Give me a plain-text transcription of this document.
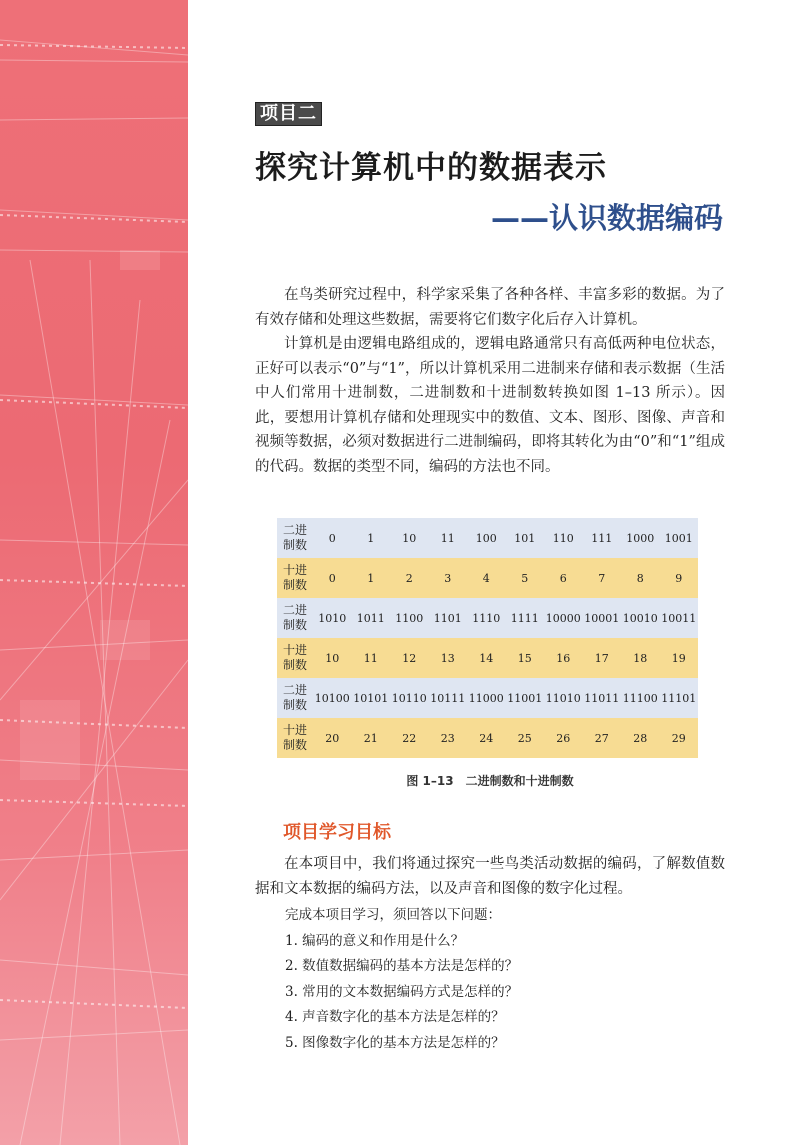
项目二
探究计算机中的数据表示
——认识数据编码

在鸟类研究过程中，科学家采集了各种各样、丰富多彩的数据。为了有效存储和处理这些数据，需要将它们数字化后存入计算机。

计算机是由逻辑电路组成的，逻辑电路通常只有高低两种电位状态，正好可以表示“0”与“1”，所以计算机采用二进制来存储和表示数据（生活中人们常用十进制数，二进制数和十进制数转换如图 1–13 所示）。因此，要想用计算机存储和处理现实中的数值、文本、图形、图像、声音和视频等数据，必须对数据进行二进制编码，即将其转化为由“0”和“1”组成的代码。数据的类型不同，编码的方法也不同。

二进
制数	0	1	10	11	100	101	110	111	1000	1001

十进
制数	0	1	2	3	4	5	6	7	8	9

二进
制数	1010	1011	1100	1101	1110	1111	10000	10001	10010	10011

十进
制数	10	11	12	13	14	15	16	17	18	19

二进
制数	10100	10101	10110	10111	11000	11001	11010	11011	11100	11101

十进
制数	20	21	22	23	24	25	26	27	28	29
图 1–13　二进制数和十进制数
项目学习目标

在本项目中，我们将通过探究一些鸟类活动数据的编码，了解数值数据和文本数据的编码方法，以及声音和图像的数字化过程。

完成本项目学习，须回答以下问题：
1. 编码的意义和作用是什么？
2. 数值数据编码的基本方法是怎样的？
3. 常用的文本数据编码方式是怎样的？
4. 声音数字化的基本方法是怎样的？
5. 图像数字化的基本方法是怎样的？
